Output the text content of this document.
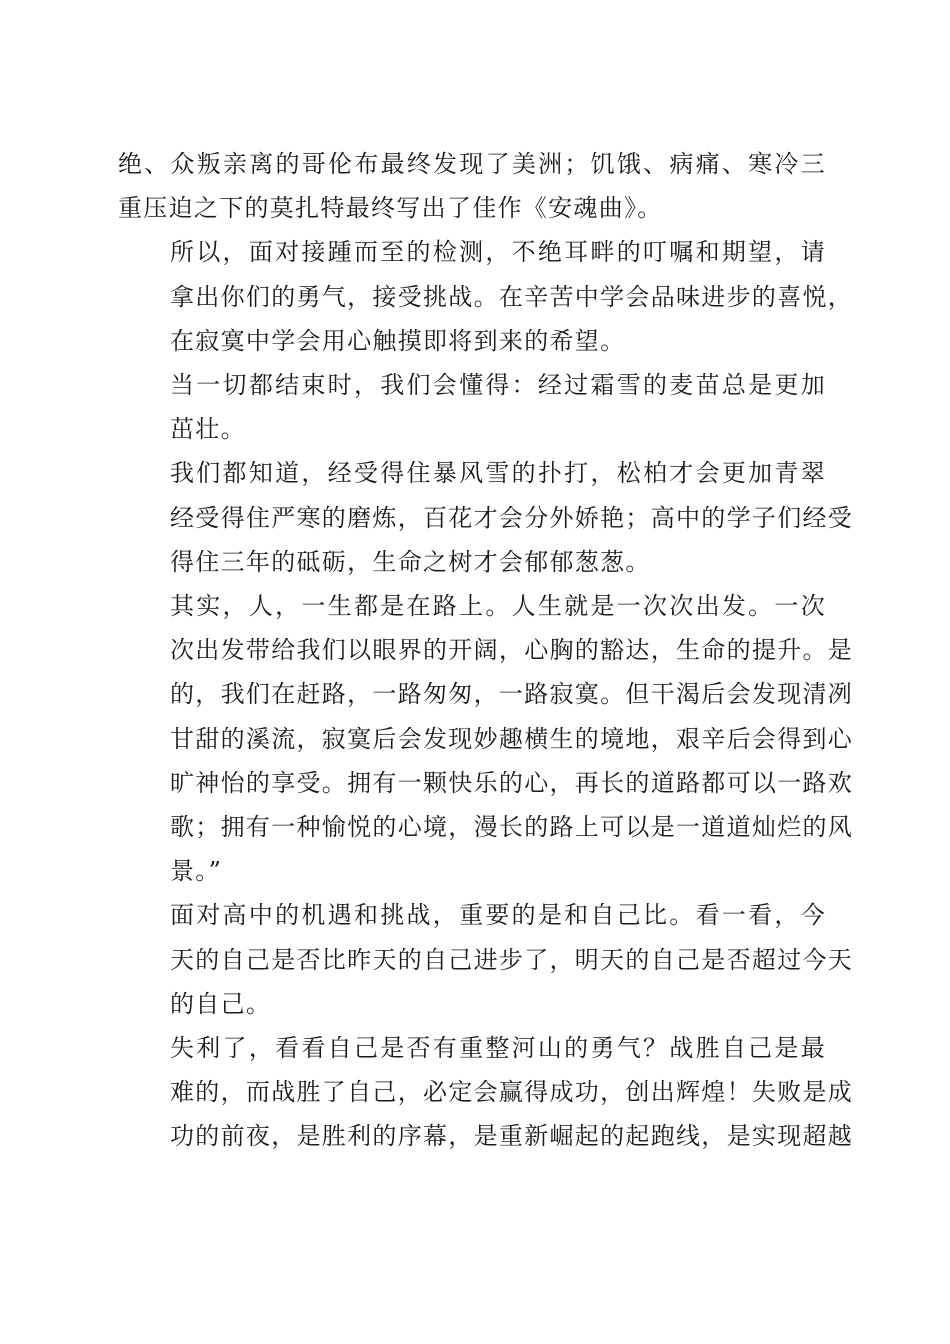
绝、众叛亲离的哥伦布最终发现了美洲；饥饿、病痛、寒冷三
重压迫之下的莫扎特最终写出了佳作《安魂曲》。
所以，面对接踵而至的检测，不绝耳畔的叮嘱和期望，请
拿出你们的勇气，接受挑战。在辛苦中学会品味进步的喜悦，
在寂寞中学会用心触摸即将到来的希望。
当一切都结束时，我们会懂得：经过霜雪的麦苗总是更加
茁壮。
我们都知道，经受得住暴风雪的扑打，松柏才会更加青翠
经受得住严寒的磨炼，百花才会分外娇艳；高中的学子们经受
得住三年的砥砺，生命之树才会郁郁葱葱。
其实，人，一生都是在路上。人生就是一次次出发。一次
次出发带给我们以眼界的开阔，心胸的豁达，生命的提升。是
的，我们在赶路，一路匆匆，一路寂寞。但干渴后会发现清冽
甘甜的溪流，寂寞后会发现妙趣横生的境地，艰辛后会得到心
旷神怡的享受。拥有一颗快乐的心，再长的道路都可以一路欢
歌；拥有一种愉悦的心境，漫长的路上可以是一道道灿烂的风
景。”
面对高中的机遇和挑战，重要的是和自己比。看一看，今
天的自己是否比昨天的自己进步了，明天的自己是否超过今天
的自己。
失利了，看看自己是否有重整河山的勇气？战胜自己是最
难的，而战胜了自己，必定会赢得成功，创出辉煌！失败是成
功的前夜，是胜利的序幕，是重新崛起的起跑线，是实现超越
